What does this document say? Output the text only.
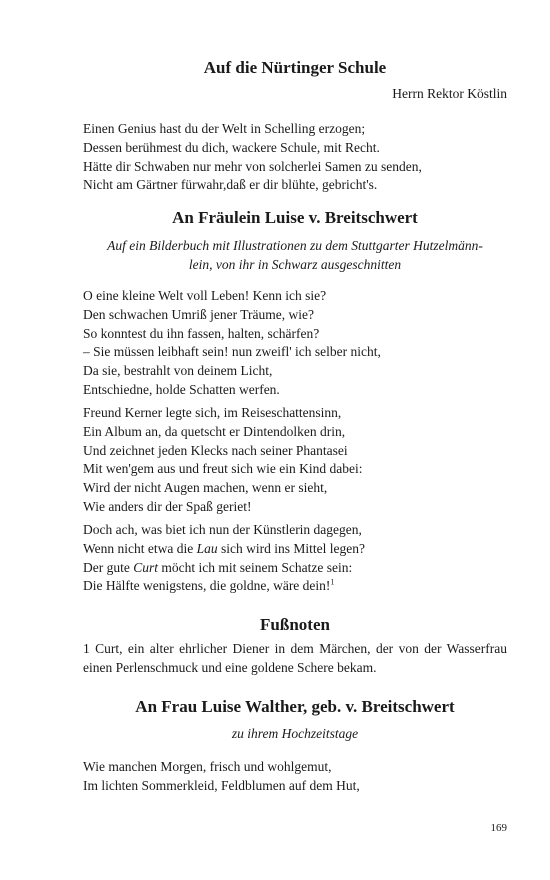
Auf die Nürtinger Schule
Herrn Rektor Köstlin
Einen Genius hast du der Welt in Schelling erzogen;
Dessen berühmest du dich, wackere Schule, mit Recht.
Hätte dir Schwaben nur mehr von solcherlei Samen zu senden,
Nicht am Gärtner fürwahr,daß er dir blühte, gebricht's.
An Fräulein Luise v. Breitschwert
Auf ein Bilderbuch mit Illustrationen zu dem Stuttgarter Hutzelmänn-
lein, von ihr in Schwarz ausgeschnitten
O eine kleine Welt voll Leben! Kenn ich sie?
Den schwachen Umriß jener Träume, wie?
So konntest du ihn fassen, halten, schärfen?
– Sie müssen leibhaft sein! nun zweifl' ich selber nicht,
Da sie, bestrahlt von deinem Licht,
Entschiedne, holde Schatten werfen.
Freund Kerner legte sich, im Reiseschattensinn,
Ein Album an, da quetscht er Dintendolken drin,
Und zeichnet jeden Klecks nach seiner Phantasei
Mit wen'gem aus und freut sich wie ein Kind dabei:
Wird der nicht Augen machen, wenn er sieht,
Wie anders dir der Spaß geriet!
Doch ach, was biet ich nun der Künstlerin dagegen,
Wenn nicht etwa die Lau sich wird ins Mittel legen?
Der gute Curt möcht ich mit seinem Schatze sein:
Die Hälfte wenigstens, die goldne, wäre dein!$^1$
Fußnoten
1 Curt, ein alter ehrlicher Diener in dem Märchen, der von der Wasserfrau einen Perlenschmuck und eine goldene Schere bekam.
An Frau Luise Walther, geb. v. Breitschwert
zu ihrem Hochzeitstage
Wie manchen Morgen, frisch und wohlgemut,
Im lichten Sommerkleid, Feldblumen auf dem Hut,
169
